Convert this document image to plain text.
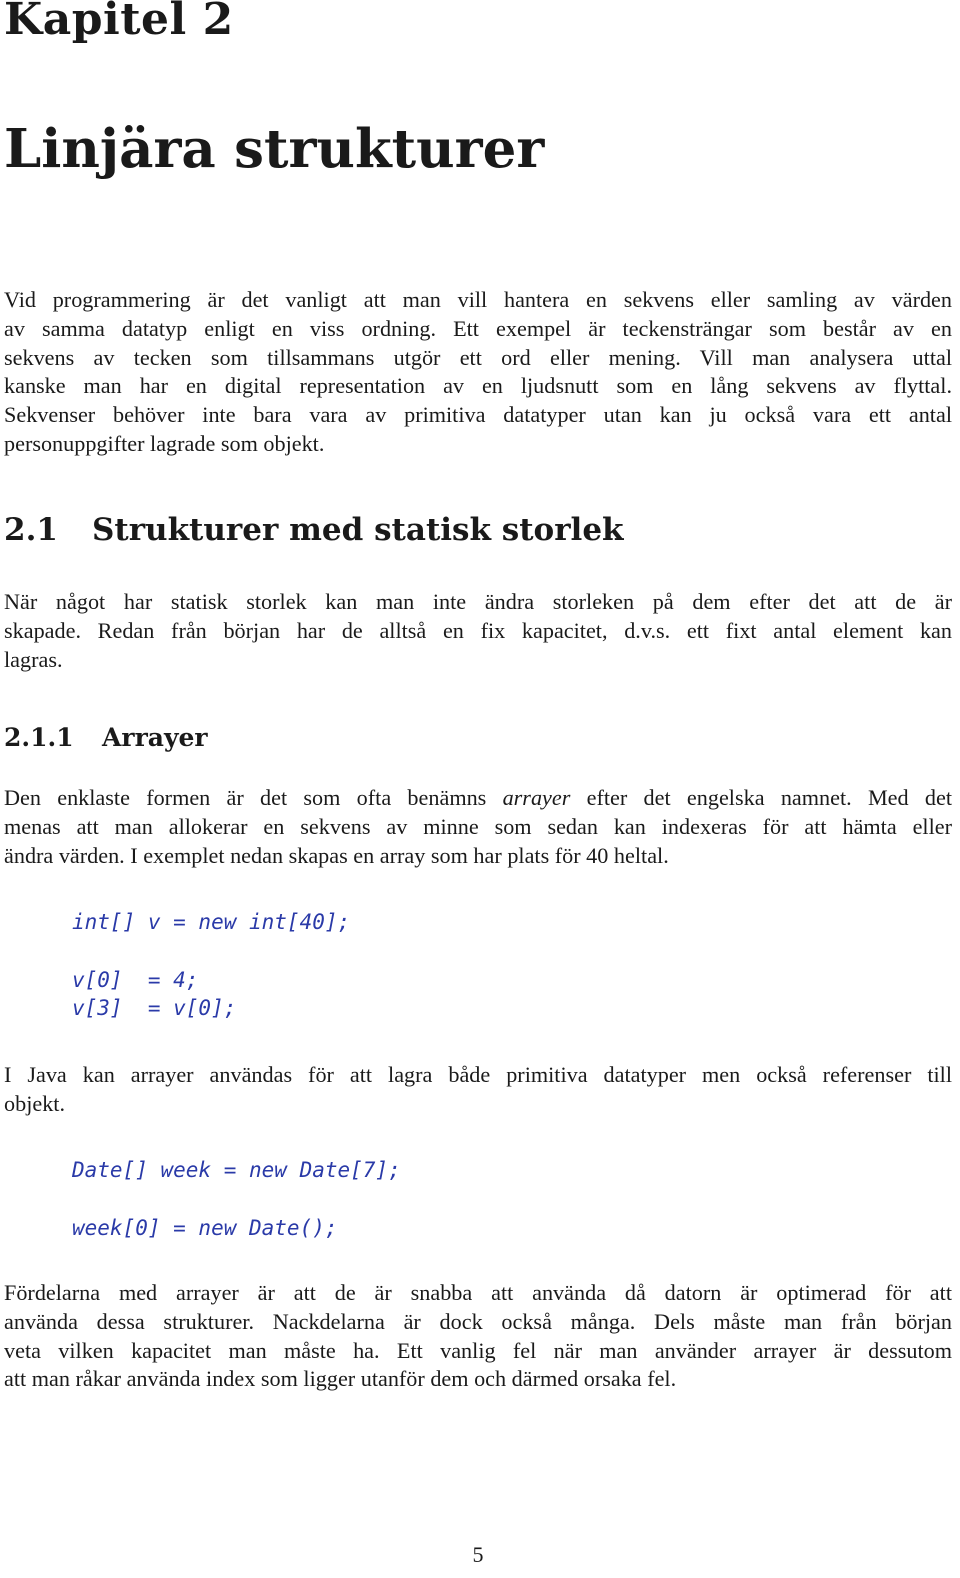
Kapitel 2
Linjära strukturer
Vid programmering är det vanligt att man vill hantera en sekvens eller samling av värden
av samma datatyp enligt en viss ordning. Ett exempel är teckensträngar som består av en
sekvens av tecken som tillsammans utgör ett ord eller mening. Vill man analysera uttal
kanske man har en digital representation av en ljudsnutt som en lång sekvens av flyttal.
Sekvenser behöver inte bara vara av primitiva datatyper utan kan ju också vara ett antal
personuppgifter lagrade som objekt.
2.1 Strukturer med statisk storlek
När något har statisk storlek kan man inte ändra storleken på dem efter det att de är
skapade. Redan från början har de alltså en fix kapacitet, d.v.s. ett fixt antal element kan
lagras.
2.1.1 Arrayer
Den enklaste formen är det som ofta benämns arrayer efter det engelska namnet. Med det
menas att man allokerar en sekvens av minne som sedan kan indexeras för att hämta eller
ändra värden. I exemplet nedan skapas en array som har plats för 40 heltal.
int[] v = new int[40];

v[0]  = 4;
v[3]  = v[0];
I Java kan arrayer användas för att lagra både primitiva datatyper men också referenser till
objekt.
Date[] week = new Date[7];

week[0] = new Date();
Fördelarna med arrayer är att de är snabba att använda då datorn är optimerad för att
använda dessa strukturer. Nackdelarna är dock också många. Dels måste man från början
veta vilken kapacitet man måste ha. Ett vanlig fel när man använder arrayer är dessutom
att man råkar använda index som ligger utanför dem och därmed orsaka fel.
5
